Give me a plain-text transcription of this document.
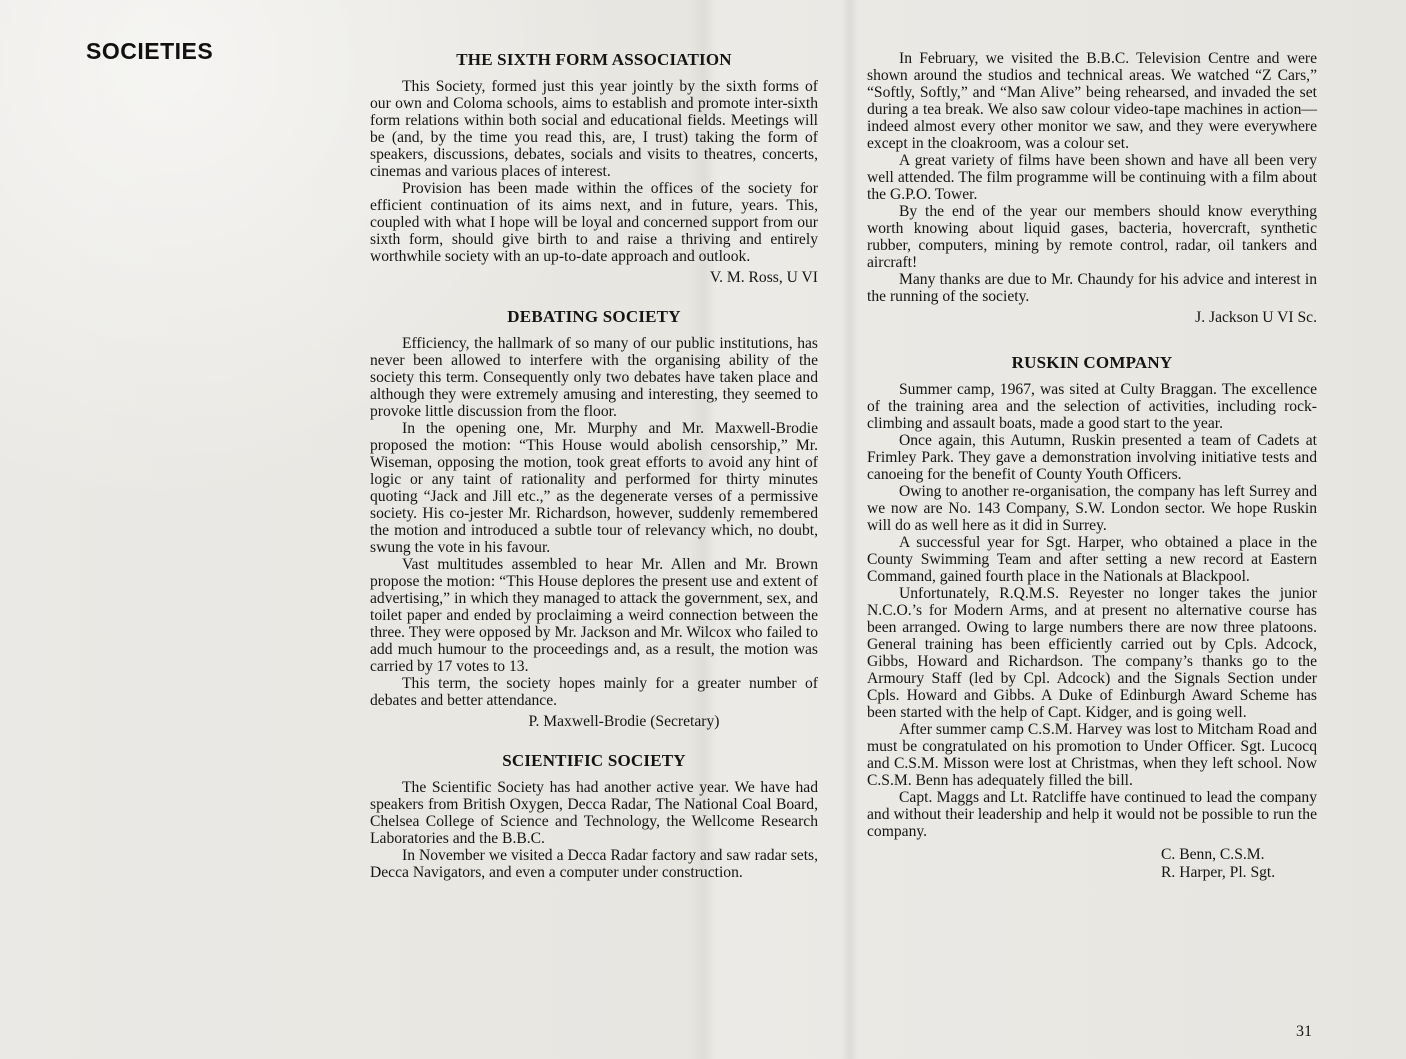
SOCIETIES	THE SIXTH FORM ASSOCIATION

This Society, formed just this year jointly by the sixth forms of our own and Coloma schools, aims to establish and promote inter-sixth form relations within both social and educational fields. Meetings will be (and, by the time you read this, are, I trust) taking the form of speakers, discussions, debates, socials and visits to theatres, concerts, cinemas and various places of interest.

Provision has been made within the offices of the society for efficient continuation of its aims next, and in future, years. This, coupled with what I hope will be loyal and concerned support from our sixth form, should give birth to and raise a thriving and entirely worthwhile society with an up-to-date approach and outlook.

V. M. Ross, U VI
DEBATING SOCIETY

Efficiency, the hallmark of so many of our public institutions, has never been allowed to interfere with the organising ability of the society this term. Consequently only two debates have taken place and although they were extremely amusing and interesting, they seemed to provoke little discussion from the floor.

In the opening one, Mr. Murphy and Mr. Maxwell-Brodie proposed the motion: “This House would abolish censorship,” Mr. Wiseman, opposing the motion, took great efforts to avoid any hint of logic or any taint of rationality and performed for thirty minutes quoting “Jack and Jill etc.,” as the degenerate verses of a permissive society. His co-jester Mr. Richardson, however, suddenly remembered the motion and introduced a subtle tour of relevancy which, no doubt, swung the vote in his favour.

Vast multitudes assembled to hear Mr. Allen and Mr. Brown propose the motion: “This House deplores the present use and extent of advertising,” in which they managed to attack the government, sex, and toilet paper and ended by proclaiming a weird connection between the three. They were opposed by Mr. Jackson and Mr. Wilcox who failed to add much humour to the proceedings and, as a result, the motion was carried by 17 votes to 13.

This term, the society hopes mainly for a greater number of debates and better attendance.

P. Maxwell-Brodie (Secretary)
SCIENTIFIC SOCIETY

The Scientific Society has had another active year. We have had speakers from British Oxygen, Decca Radar, The National Coal Board, Chelsea College of Science and Technology, the Wellcome Research Laboratories and the B.B.C.

In November we visited a Decca Radar factory and saw radar sets, Decca Navigators, and even a computer under construction.

In February, we visited the B.B.C. Television Centre and were shown around the studios and technical areas. We watched “Z Cars,” “Softly, Softly,” and “Man Alive” being rehearsed, and invaded the set during a tea break. We also saw colour video-tape machines in action—indeed almost every other monitor we saw, and they were everywhere except in the cloakroom, was a colour set.

A great variety of films have been shown and have all been very well attended. The film programme will be continuing with a film about the G.P.O. Tower.

By the end of the year our members should know everything worth knowing about liquid gases, bacteria, hovercraft, synthetic rubber, computers, mining by remote control, radar, oil tankers and aircraft!

Many thanks are due to Mr. Chaundy for his advice and interest in the running of the society.

J. Jackson U VI Sc.
RUSKIN COMPANY

Summer camp, 1967, was sited at Culty Braggan. The excellence of the training area and the selection of activities, including rock-climbing and assault boats, made a good start to the year.

Once again, this Autumn, Ruskin presented a team of Cadets at Frimley Park. They gave a demonstration involving initiative tests and canoeing for the benefit of County Youth Officers.

Owing to another re-organisation, the company has left Surrey and we now are No. 143 Company, S.W. London sector. We hope Ruskin will do as well here as it did in Surrey.

A successful year for Sgt. Harper, who obtained a place in the County Swimming Team and after setting a new record at Eastern Command, gained fourth place in the Nationals at Blackpool.

Unfortunately, R.Q.M.S. Reyester no longer takes the junior N.C.O.’s for Modern Arms, and at present no alternative course has been arranged. Owing to large numbers there are now three platoons. General training has been efficiently carried out by Cpls. Adcock, Gibbs, Howard and Richardson. The company’s thanks go to the Armoury Staff (led by Cpl. Adcock) and the Signals Section under Cpls. Howard and Gibbs. A Duke of Edinburgh Award Scheme has been started with the help of Capt. Kidger, and is going well.

After summer camp C.S.M. Harvey was lost to Mitcham Road and must be congratulated on his promotion to Under Officer. Sgt. Lucocq and C.S.M. Misson were lost at Christmas, when they left school. Now C.S.M. Benn has adequately filled the bill.

Capt. Maggs and Lt. Ratcliffe have continued to lead the company and without their leadership and help it would not be possible to run the company.

C. Benn, C.S.M.
R. Harper, Pl. Sgt.
31
